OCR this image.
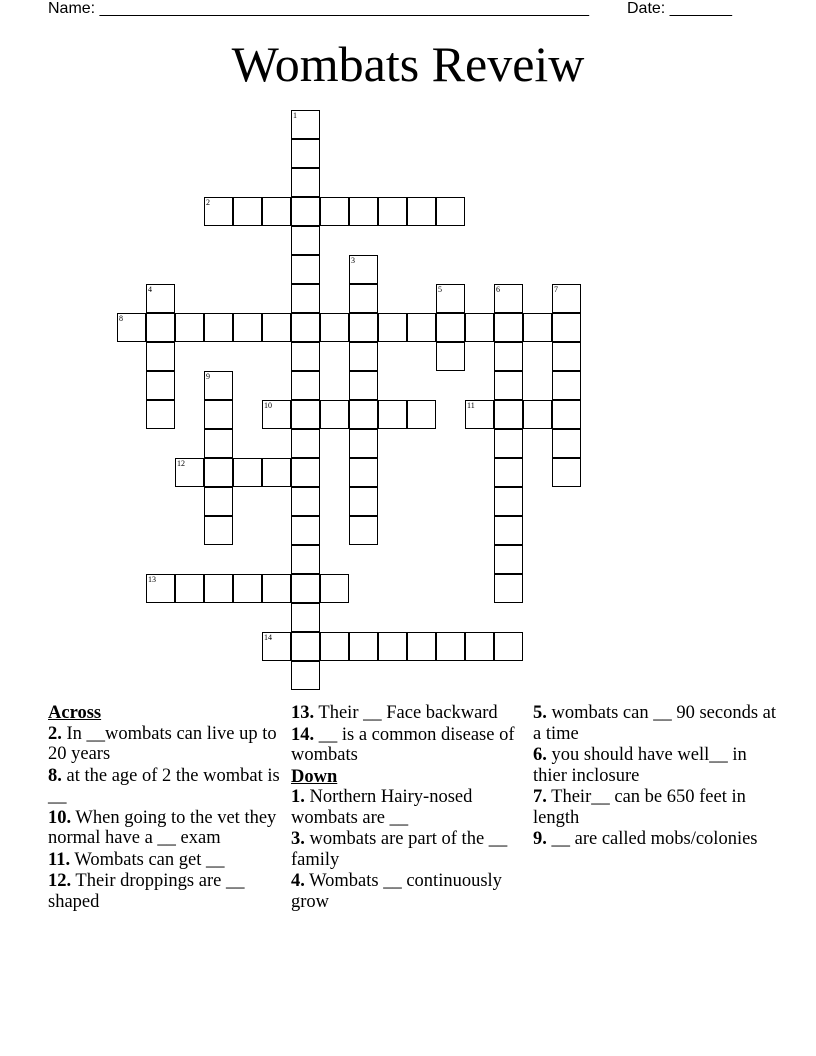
Name: _______________________________________________________ Date: _______
Wombats Reveiw
1
2
3
4	5	6	7
8
9
10	11
12
13
14
Across
2. In __wombats can live up to 20 years
8. at the age of 2 the wombat is __
10. When going to the vet they normal have a __ exam
11. Wombats can get __
12. Their droppings are __ shaped
13. Their __ Face backward
14. __ is a common disease of wombats
Down
1. Northern Hairy-nosed wombats are __
3. wombats are part of the __ family
4. Wombats __ continuously grow
5. wombats can __ 90 seconds at a time
6. you should have well__ in thier inclosure
7. Their__ can be 650 feet in length
9. __ are called mobs/colonies
